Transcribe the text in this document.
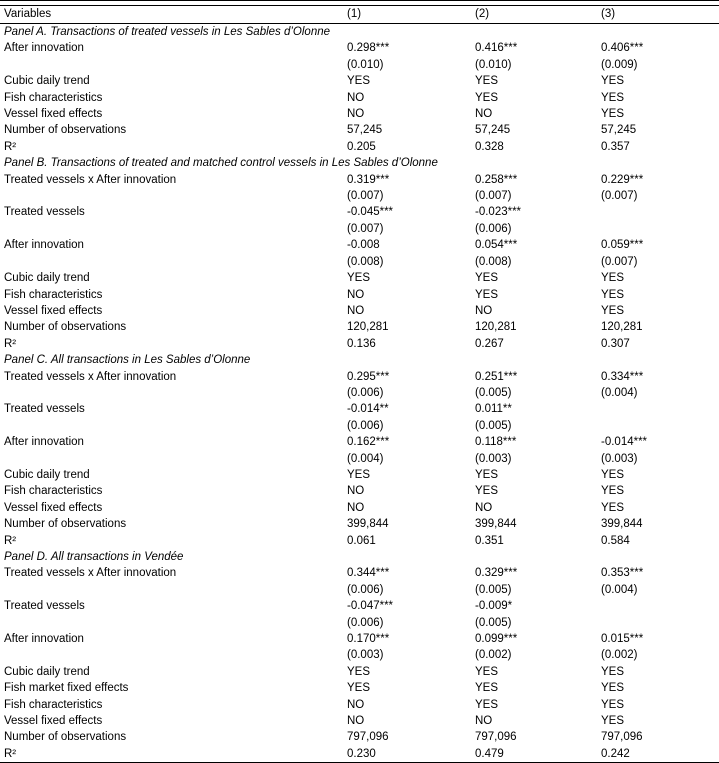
Variables	(1)	(2)	(3)
Panel A. Transactions of treated vessels in Les Sables d’Olonne			
After innovation	0.298***	0.416***	0.406***
	(0.010)	(0.010)	(0.009)
Cubic daily trend	YES	YES	YES
Fish characteristics	NO	YES	YES
Vessel fixed effects	NO	NO	YES
Number of observations	57,245	57,245	57,245
R²	0.205	0.328	0.357
Panel B. Transactions of treated and matched control vessels in Les Sables d’Olonne			
Treated vessels x After innovation	0.319***	0.258***	0.229***
	(0.007)	(0.007)	(0.007)
Treated vessels	-0.045***	-0.023***	
	(0.007)	(0.006)	
After innovation	-0.008	0.054***	0.059***
	(0.008)	(0.008)	(0.007)
Cubic daily trend	YES	YES	YES
Fish characteristics	NO	YES	YES
Vessel fixed effects	NO	NO	YES
Number of observations	120,281	120,281	120,281
R²	0.136	0.267	0.307
Panel C. All transactions in Les Sables d’Olonne			
Treated vessels x After innovation	0.295***	0.251***	0.334***
	(0.006)	(0.005)	(0.004)
Treated vessels	-0.014**	0.011**	
	(0.006)	(0.005)	
After innovation	0.162***	0.118***	-0.014***
	(0.004)	(0.003)	(0.003)
Cubic daily trend	YES	YES	YES
Fish characteristics	NO	YES	YES
Vessel fixed effects	NO	NO	YES
Number of observations	399,844	399,844	399,844
R²	0.061	0.351	0.584
Panel D. All transactions in Vendée			
Treated vessels x After innovation	0.344***	0.329***	0.353***
	(0.006)	(0.005)	(0.004)
Treated vessels	-0.047***	-0.009*	
	(0.006)	(0.005)	
After innovation	0.170***	0.099***	0.015***
	(0.003)	(0.002)	(0.002)
Cubic daily trend	YES	YES	YES
Fish market fixed effects	YES	YES	YES
Fish characteristics	NO	YES	YES
Vessel fixed effects	NO	NO	YES
Number of observations	797,096	797,096	797,096
R²	0.230	0.479	0.242
